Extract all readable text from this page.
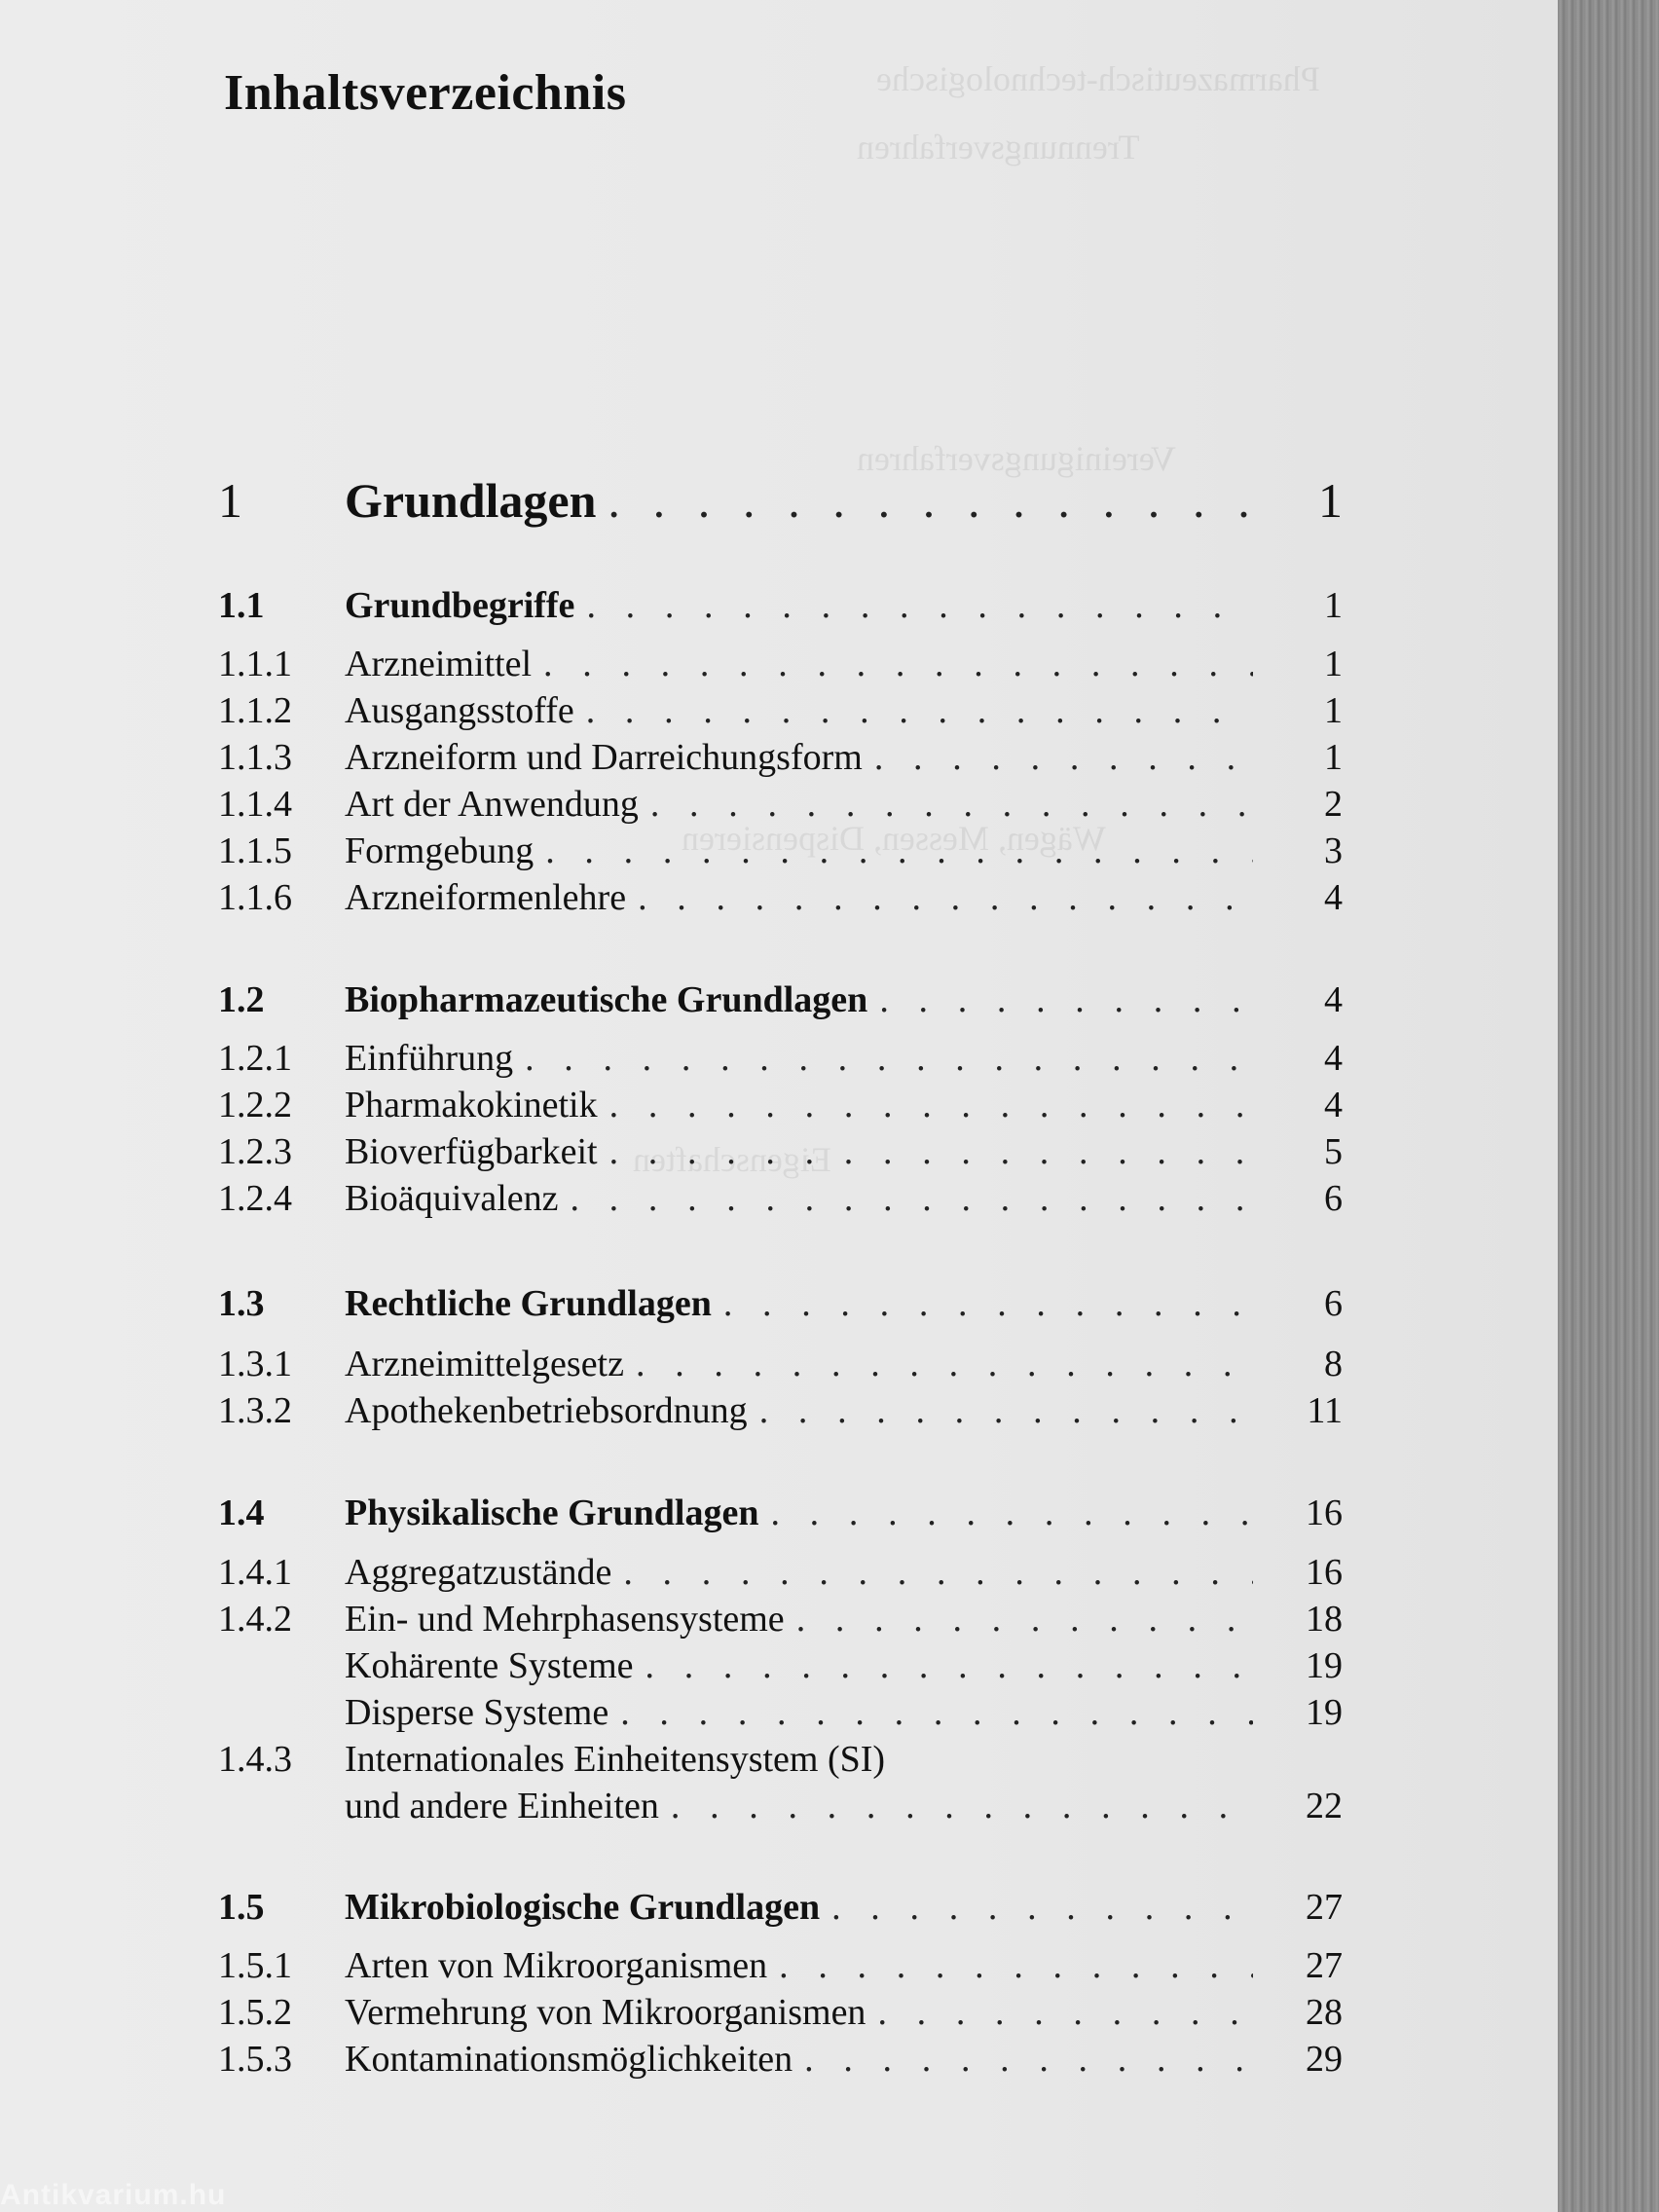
Pharmazeutisch-technologische
Trennungsverfahren
Vereinigungsverfahren
Wägen, Messen, Dispensieren
Eigenschaften
Inhaltsverzeichnis
1 Grundlagen . . .	1
1.1 Grundbegriffe . . .	1
1.1.1 Arzneimittel . . .	1
1.1.2 Ausgangsstoffe . . .	1
1.1.3 Arzneiform und Darreichungsform . . .	1
1.1.4 Art der Anwendung . . .	2
1.1.5 Formgebung . . .	3
1.1.6 Arzneiformenlehre . . .	4
1.2 Biopharmazeutische Grundlagen . . .	4
1.2.1 Einführung . . .	4
1.2.2 Pharmakokinetik . . .	4
1.2.3 Bioverfügbarkeit . . .	5
1.2.4 Bioäquivalenz . . .	6
1.3 Rechtliche Grundlagen . . .	6
1.3.1 Arzneimittelgesetz . . .	8
1.3.2 Apothekenbetriebsordnung . . .	11
1.4 Physikalische Grundlagen . . .	16
1.4.1 Aggregatzustände . . .	16
1.4.2 Ein- und Mehrphasensysteme . . .	18
Kohärente Systeme . . .	19
Disperse Systeme . . .	19
1.4.3 Internationales Einheitensystem (SI)
und andere Einheiten . . .	22
1.5 Mikrobiologische Grundlagen . . .	27
1.5.1 Arten von Mikroorganismen . . .	27
1.5.2 Vermehrung von Mikroorganismen . . .	28
1.5.3 Kontaminationsmöglichkeiten . . .	29
Antikvarium.hu
